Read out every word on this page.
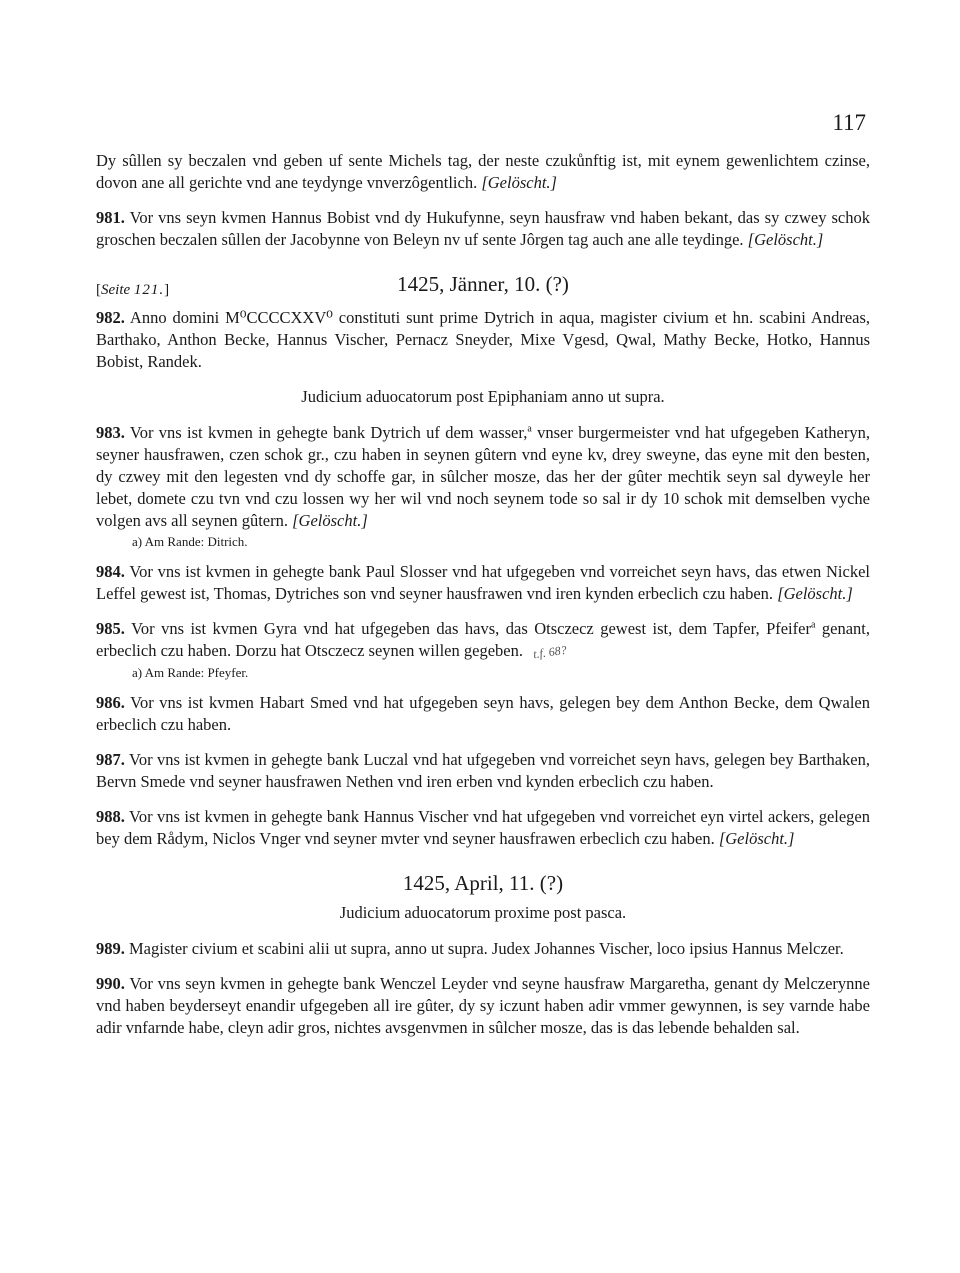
117

Dy sûllen sy beczalen vnd geben uf sente Michels tag, der neste czukůnftig ist, mit eynem gewenlichtem czinse, dovon ane all gerichte vnd ane teydynge vnverzôgentlich. [Gelöscht.]

981. Vor vns seyn kvmen Hannus Bobist vnd dy Hukufynne, seyn hausfraw vnd haben bekant, das sy czwey schok groschen beczalen sûllen der Jacobynne von Beleyn nv uf sente Jôrgen tag auch ane alle teydinge. [Gelöscht.]

[Seite 121.]	1425, Jänner, 10. (?)

982. Anno domini M⁰CCCCXXV⁰ constituti sunt prime Dytrich in aqua, magister civium et hn. scabini Andreas, Barthako, Anthon Becke, Hannus Vischer, Pernacz Sneyder, Mixe Vgesd, Qwal, Mathy Becke, Hotko, Hannus Bobist, Randek.

Judicium aduocatorum post Epiphaniam anno ut supra.

983. Vor vns ist kvmen in gehegte bank Dytrich uf dem wasser,$^a$ vnser burgermeister vnd hat ufgegeben Katheryn, seyner hausfrawen, czen schok gr., czu haben in seynen gûtern vnd eyne kv, drey sweyne, das eyne mit den besten, dy czwey mit den legesten vnd dy schoffe gar, in sûlcher mosze, das her der gûter mechtik seyn sal dyweyle her lebet, domete czu tvn vnd czu lossen wy her wil vnd noch seynem tode so sal ir dy 10 schok mit demselben vyche volgen avs all seynen gûtern. [Gelöscht.]

a) Am Rande: Ditrich.

984. Vor vns ist kvmen in gehegte bank Paul Slosser vnd hat ufgegeben vnd vorreichet seyn havs, das etwen Nickel Leffel gewest ist, Thomas, Dytriches son vnd seyner hausfrawen vnd iren kynden erbeclich czu haben. [Gelöscht.]

985. Vor vns ist kvmen Gyra vnd hat ufgegeben das havs, das Otsczecz gewest ist, dem Tapfer, Pfeifer$^a$ genant, erbeclich czu haben. Dorzu hat Otsczecz seynen willen gegeben. t.f. 68?

a) Am Rande: Pfeyfer.

986. Vor vns ist kvmen Habart Smed vnd hat ufgegeben seyn havs, gelegen bey dem Anthon Becke, dem Qwalen erbeclich czu haben.

987. Vor vns ist kvmen in gehegte bank Luczal vnd hat ufgegeben vnd vorreichet seyn havs, gelegen bey Barthaken, Bervn Smede vnd seyner hausfrawen Nethen vnd iren erben vnd kynden erbeclich czu haben.

988. Vor vns ist kvmen in gehegte bank Hannus Vischer vnd hat ufgegeben vnd vorreichet eyn virtel ackers, gelegen bey dem Rådym, Niclos Vnger vnd seyner mvter vnd seyner hausfrawen erbeclich czu haben. [Gelöscht.]

1425, April, 11. (?)

Judicium aduocatorum proxime post pasca.

989. Magister civium et scabini alii ut supra, anno ut supra. Judex Johannes Vischer, loco ipsius Hannus Melczer.

990. Vor vns seyn kvmen in gehegte bank Wenczel Leyder vnd seyne hausfraw Margaretha, genant dy Melczerynne vnd haben beyderseyt enandir ufgegeben all ire gûter, dy sy iczunt haben adir vmmer gewynnen, is sey varnde habe adir vnfarnde habe, cleyn adir gros, nichtes avsgenvmen in sûlcher mosze, das is das lebende behalden sal.
